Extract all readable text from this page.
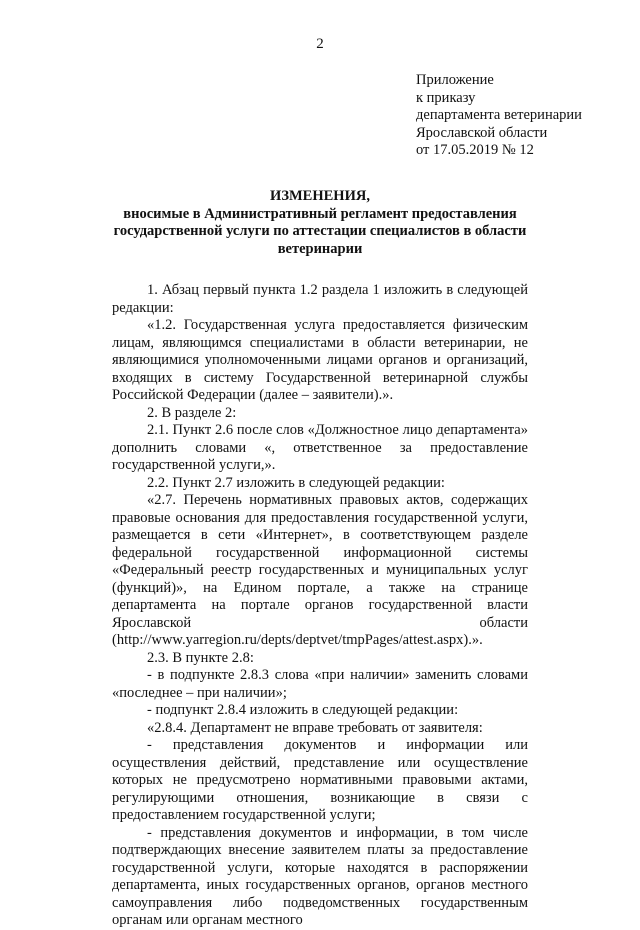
2
Приложение
к приказу
департамента ветеринарии
Ярославской области
от 17.05.2019 № 12
ИЗМЕНЕНИЯ,
вносимые в Административный регламент предоставления государственной услуги по аттестации специалистов в области ветеринарии

1. Абзац первый пункта 1.2 раздела 1 изложить в следующей редакции:

«1.2. Государственная услуга предоставляется физическим лицам, являющимся специалистами в области ветеринарии, не являющимися уполномоченными лицами органов и организаций, входящих в систему Государственной ветеринарной службы Российской Федерации (далее – заявители).».

2. В разделе 2:

2.1. Пункт 2.6 после слов «Должностное лицо департамента» дополнить словами «, ответственное за предоставление государственной услуги,».

2.2. Пункт 2.7 изложить в следующей редакции:

«2.7. Перечень нормативных правовых актов, содержащих правовые основания для предоставления государственной услуги, размещается в сети «Интернет», в соответствующем разделе федеральной государственной информационной системы «Федеральный реестр государственных и муниципальных услуг (функций)», на Едином портале, а также на странице департамента на портале органов государственной власти Ярославской области (http://www.yarregion.ru/depts/deptvet/tmpPages/attest.aspx).».

2.3. В пункте 2.8:

- в подпункте 2.8.3 слова «при наличии» заменить словами «последнее – при наличии»;

- подпункт 2.8.4 изложить в следующей редакции:

«2.8.4. Департамент не вправе требовать от заявителя:

- представления документов и информации или осуществления действий, представление или осуществление которых не предусмотрено нормативными правовыми актами, регулирующими отношения, возникающие в связи с предоставлением государственной услуги;

- представления документов и информации, в том числе подтверждающих внесение заявителем платы за предоставление государственной услуги, которые находятся в распоряжении департамента, иных государственных органов, органов местного самоуправления либо подведомственных государственным органам или органам местного
